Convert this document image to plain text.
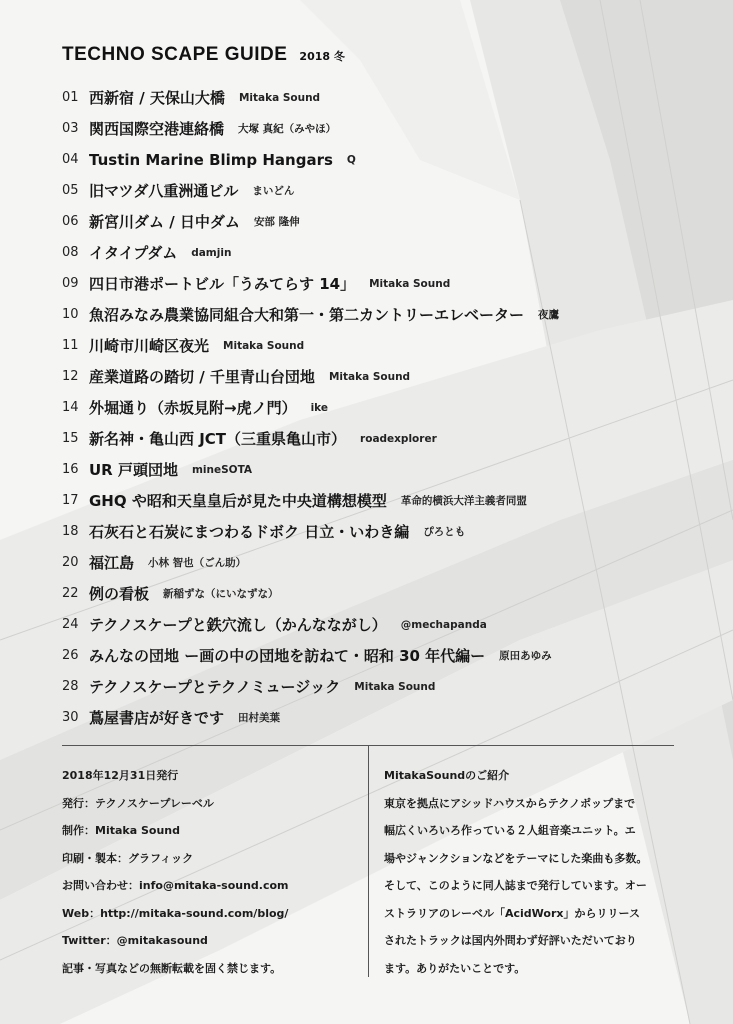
TECHNO SCAPE GUIDE 2018 冬
01 西新宿 / 天保山大橋 Mitaka Sound
03 関西国際空港連絡橋 大塚 真紀（みやほ）
04 Tustin Marine Blimp Hangars Q
05 旧マツダ八重洲通ビル まいどん
06 新宮川ダム / 日中ダム 安部 隆伸
08 イタイプダム damjin
09 四日市港ポートビル「うみてらす 14」 Mitaka Sound
10 魚沼みなみ農業協同組合大和第一・第二カントリーエレベーター 夜鷹
11 川崎市川崎区夜光 Mitaka Sound
12 産業道路の踏切 / 千里青山台団地 Mitaka Sound
14 外堀通り（赤坂見附→虎ノ門） ike
15 新名神・亀山西 JCT（三重県亀山市） roadexplorer
16 UR 戸頭団地 mineSOTA
17 GHQ や昭和天皇皇后が見た中央道構想模型 革命的横浜大洋主義者同盟
18 石灰石と石炭にまつわるドボク 日立・いわき編 ぴろとも
20 福江島 小林 智也（ごん助）
22 例の看板 新稲ずな（にいなずな）
24 テクノスケープと鉄穴流し（かんなながし） @mechapanda
26 みんなの団地 ー画の中の団地を訪ねて・昭和 30 年代編ー 原田あゆみ
28 テクノスケープとテクノミュージック Mitaka Sound
30 蔦屋書店が好きです 田村美葉
2018年12月31日発行
発行：テクノスケープレーベル
制作：Mitaka Sound
印刷・製本：グラフィック
お問い合わせ：info@mitaka-sound.com
Web：http://mitaka-sound.com/blog/
Twitter：@mitakasound
記事・写真などの無断転載を固く禁じます。
MitakaSoundのご紹介
東京を拠点にアシッドハウスからテクノポップまで
幅広くいろいろ作っている２人組音楽ユニット。エ
場やジャンクションなどをテーマにした楽曲も多数。
そして、このように同人誌まで発行しています。オー
ストラリアのレーベル「AcidWorx」からリリース
されたトラックは国内外問わず好評いただいており
ます。ありがたいことです。
